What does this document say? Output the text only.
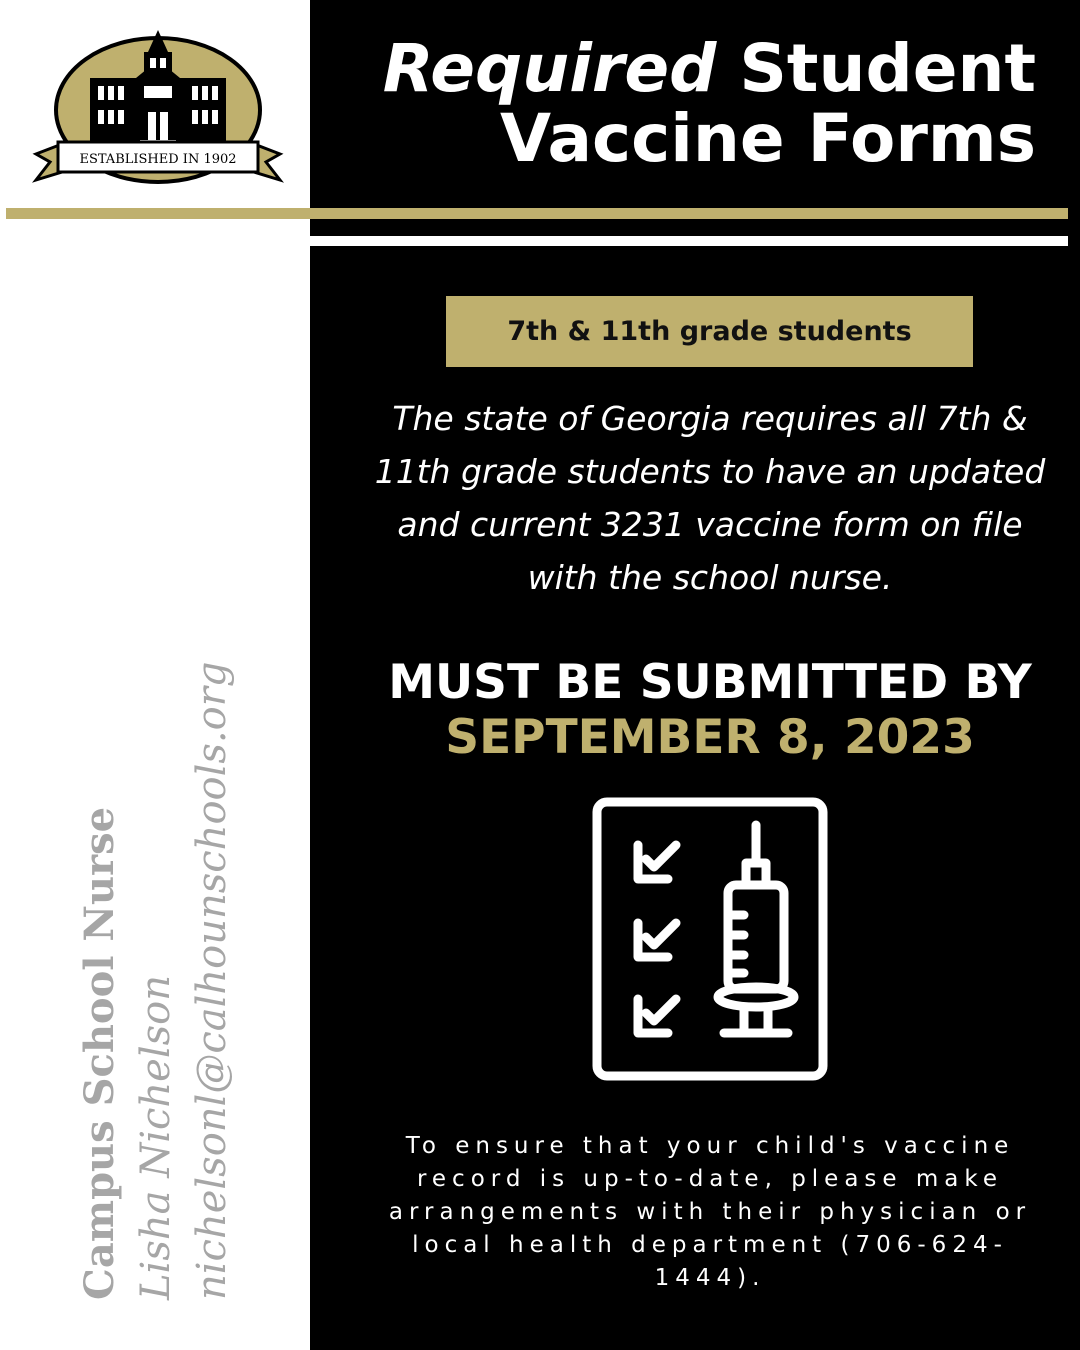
ESTABLISHED IN 1902
Required Student
Vaccine Forms
7th & 11th grade students
The state of Georgia requires all 7th & 11th grade students to have an updated and current 3231 vaccine form on file with the school nurse.
MUST BE SUBMITTED BY
SEPTEMBER 8, 2023
To ensure that your child's vaccine record is up-to-date, please make arrangements with their physician or local health department (706-624-1444).
Campus School Nurse Lisha Nichelson nichelsonl@calhounschools.org
